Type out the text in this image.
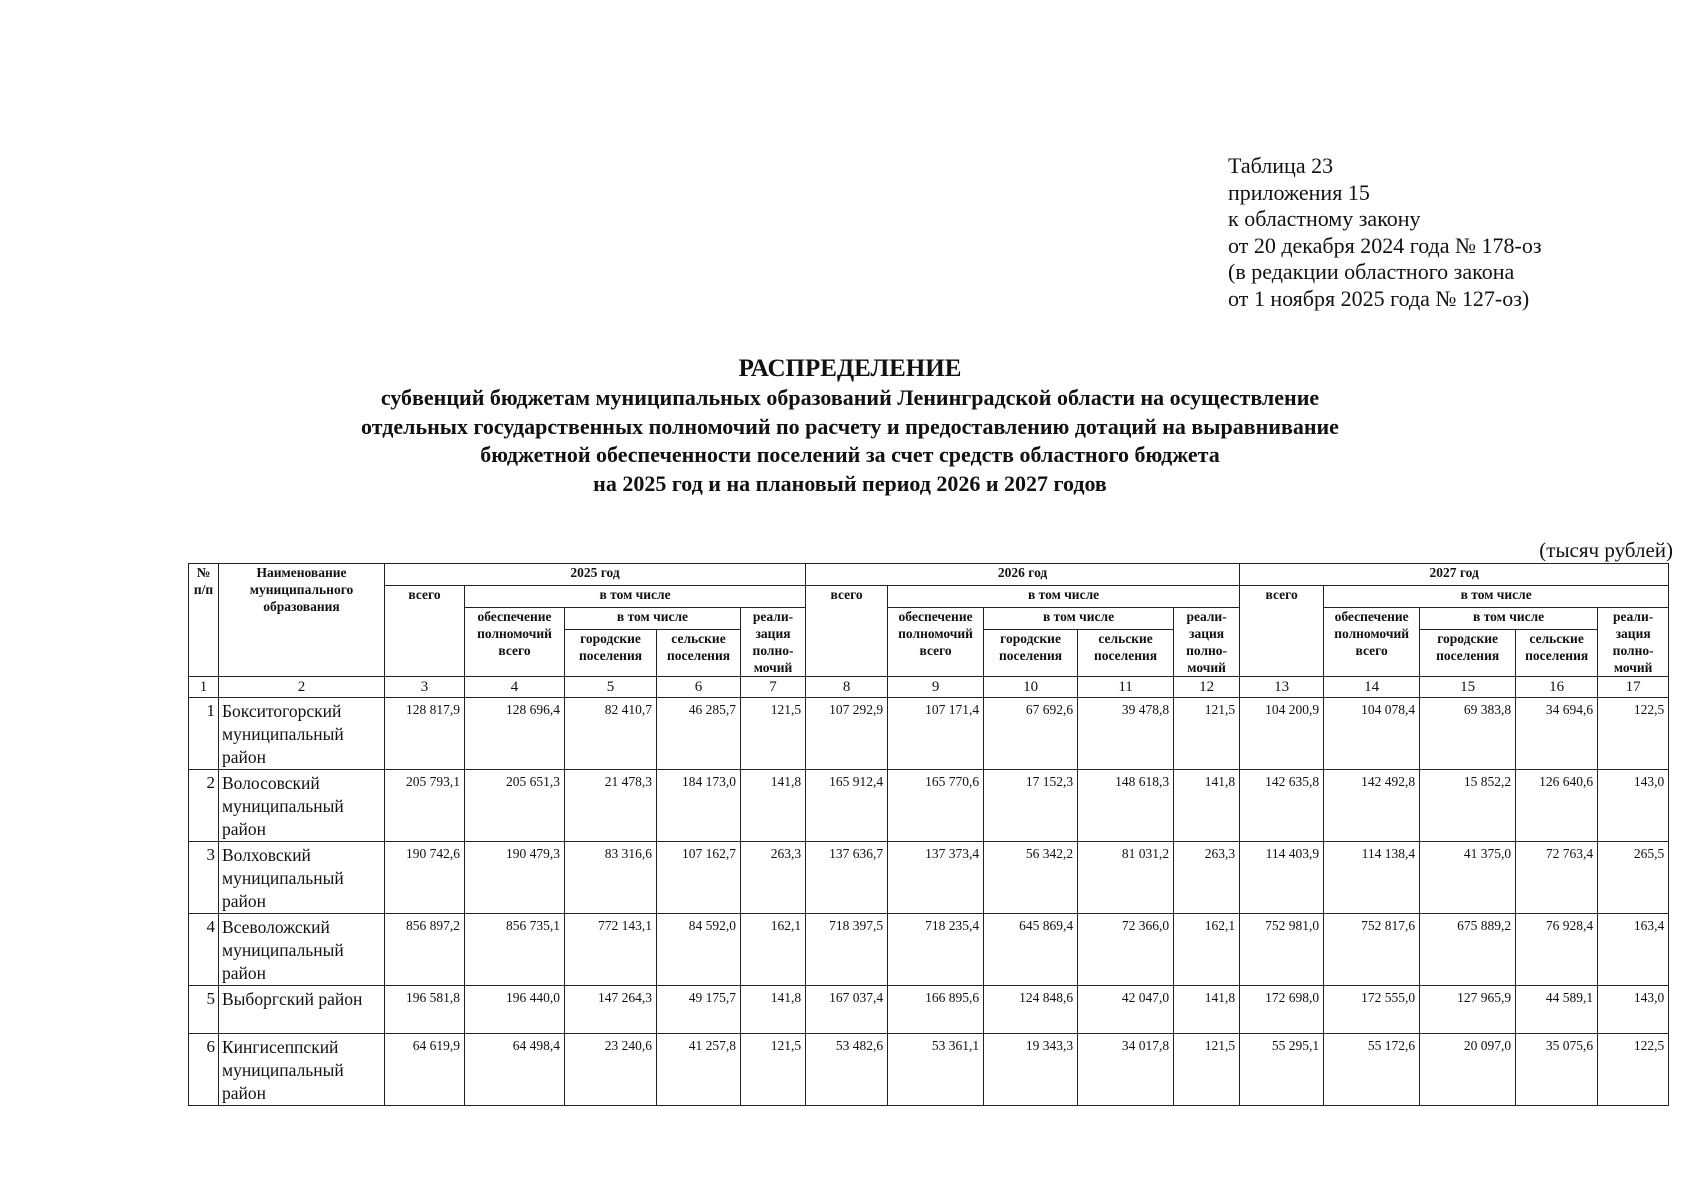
Таблица 23
приложения 15
к областному закону
от 20 декабря 2024 года № 178-оз
(в редакции областного закона
от 1 ноября 2025 года № 127-оз)
РАСПРЕДЕЛЕНИЕ
субвенций бюджетам муниципальных образований Ленинградской области на осуществление
отдельных государственных полномочий по расчету и предоставлению дотаций на выравнивание
бюджетной обеспеченности поселений за счет средств областного бюджета
на 2025 год и на плановый период 2026 и 2027 годов
(тысяч рублей)
№ п/п	Наименование муниципального образования	2025 год					2026 год					2027 год				
		всего	в том числе				всего	в том числе				всего	в том числе			
			обеспечение полномочий всего	в том числе		реали-зация полно-мочий		обеспечение полномочий всего	в том числе		реали-зация полно-мочий		обеспечение полномочий всего	в том числе		реали-зация полно-мочий
				городские поселения	сельские поселения				городские поселения	сельские поселения				городские поселения	сельские поселения	
1	2	3	4	5	6	7	8	9	10	11	12	13	14	15	16	17
1	Бокситогорский муниципальный район	128 817,9	128 696,4	82 410,7	46 285,7	121,5	107 292,9	107 171,4	67 692,6	39 478,8	121,5	104 200,9	104 078,4	69 383,8	34 694,6	122,5
2	Волосовский муниципальный район	205 793,1	205 651,3	21 478,3	184 173,0	141,8	165 912,4	165 770,6	17 152,3	148 618,3	141,8	142 635,8	142 492,8	15 852,2	126 640,6	143,0
3	Волховский муниципальный район	190 742,6	190 479,3	83 316,6	107 162,7	263,3	137 636,7	137 373,4	56 342,2	81 031,2	263,3	114 403,9	114 138,4	41 375,0	72 763,4	265,5
4	Всеволожский муниципальный район	856 897,2	856 735,1	772 143,1	84 592,0	162,1	718 397,5	718 235,4	645 869,4	72 366,0	162,1	752 981,0	752 817,6	675 889,2	76 928,4	163,4
5	Выборгский район	196 581,8	196 440,0	147 264,3	49 175,7	141,8	167 037,4	166 895,6	124 848,6	42 047,0	141,8	172 698,0	172 555,0	127 965,9	44 589,1	143,0
6	Кингисеппский муниципальный район	64 619,9	64 498,4	23 240,6	41 257,8	121,5	53 482,6	53 361,1	19 343,3	34 017,8	121,5	55 295,1	55 172,6	20 097,0	35 075,6	122,5
